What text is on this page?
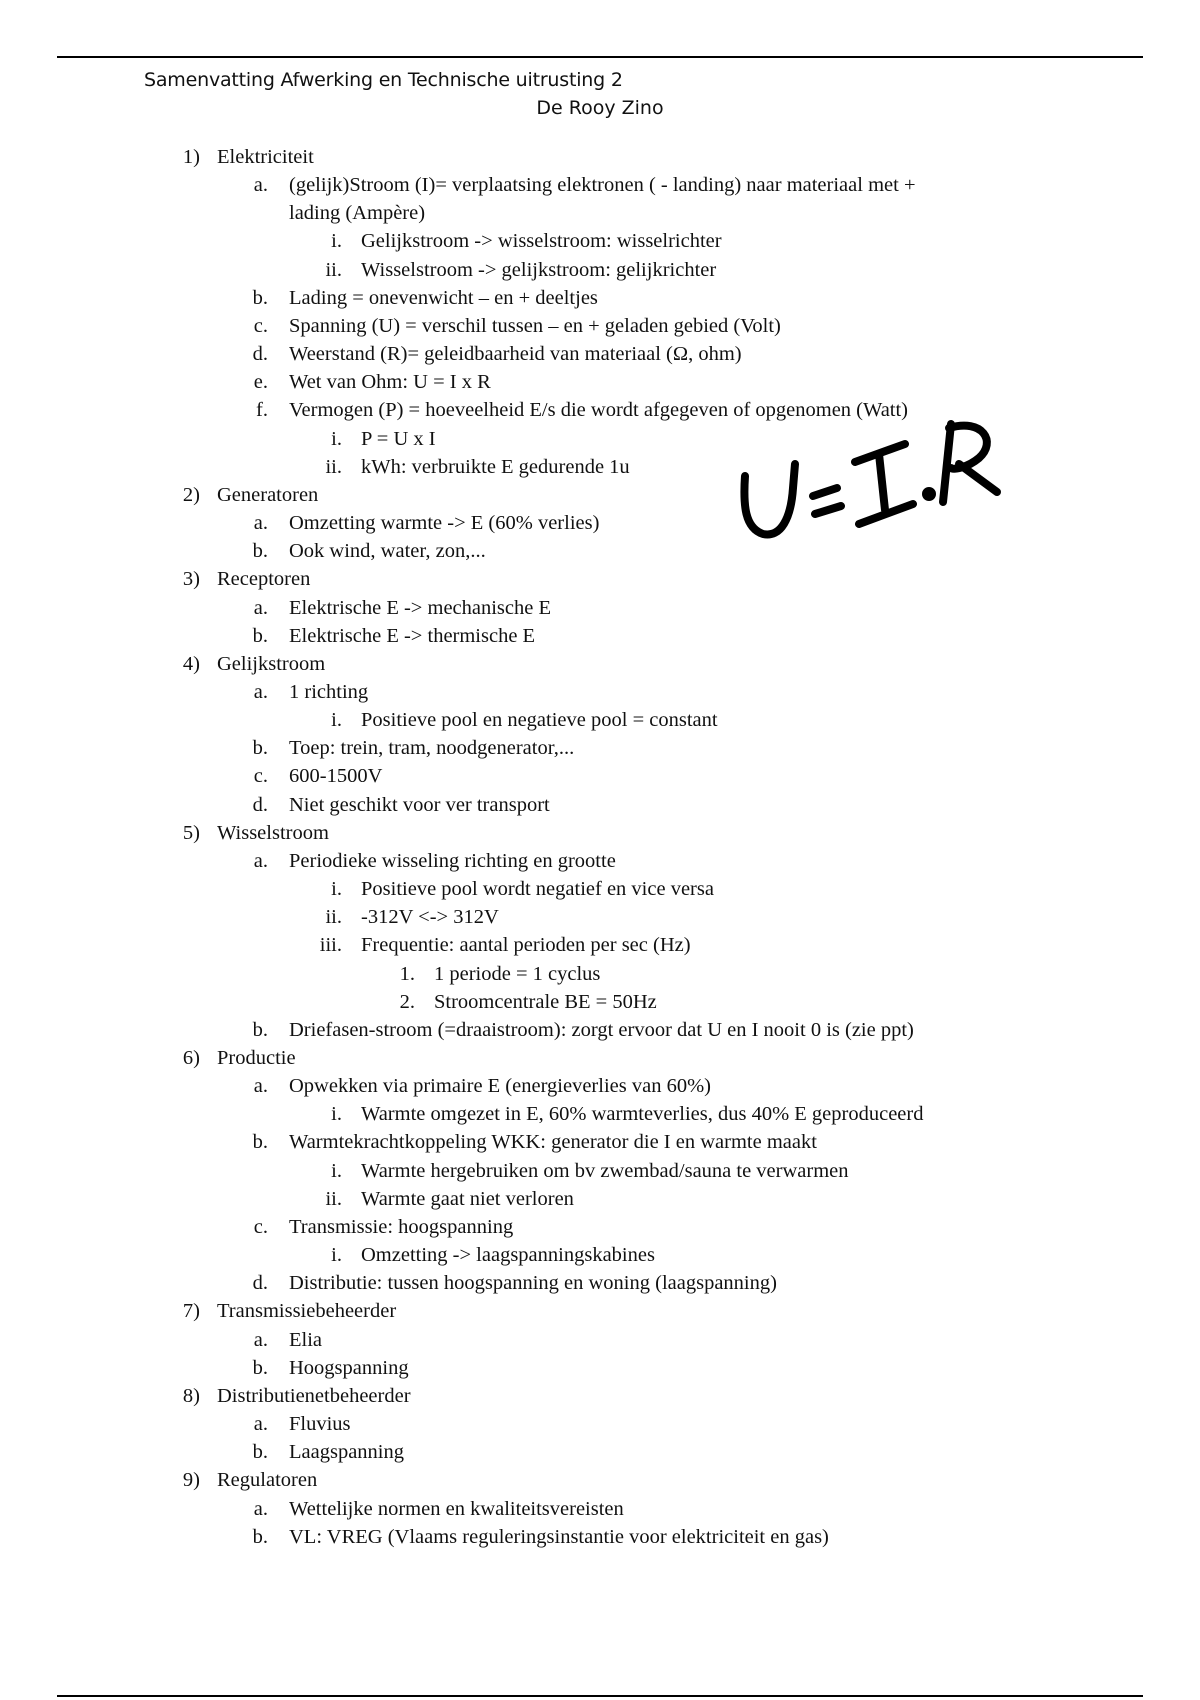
Samenvatting Afwerking en Technische uitrusting 2
De Rooy Zino
1) Elektriciteit
a. (gelijk)Stroom (I)= verplaatsing elektronen ( - landing) naar materiaal met +
lading (Ampère)
i. Gelijkstroom -> wisselstroom: wisselrichter
ii. Wisselstroom -> gelijkstroom: gelijkrichter
b. Lading = onevenwicht – en + deeltjes
c. Spanning (U) = verschil tussen – en + geladen gebied (Volt)
d. Weerstand (R)= geleidbaarheid van materiaal (Ω, ohm)
e. Wet van Ohm: U = I x R
f. Vermogen (P) = hoeveelheid E/s die wordt afgegeven of opgenomen (Watt)
i. P = U x I
ii. kWh: verbruikte E gedurende 1u
2) Generatoren
a. Omzetting warmte -> E (60% verlies)
b. Ook wind, water, zon,...
3) Receptoren
a. Elektrische E -> mechanische E
b. Elektrische E -> thermische E
4) Gelijkstroom
a. 1 richting
i. Positieve pool en negatieve pool = constant
b. Toep: trein, tram, noodgenerator,...
c. 600-1500V
d. Niet geschikt voor ver transport
5) Wisselstroom
a. Periodieke wisseling richting en grootte
i. Positieve pool wordt negatief en vice versa
ii. -312V <-> 312V
iii. Frequentie: aantal perioden per sec (Hz)
1. 1 periode = 1 cyclus
2. Stroomcentrale BE = 50Hz
b. Driefasen-stroom (=draaistroom): zorgt ervoor dat U en I nooit 0 is (zie ppt)
6) Productie
a. Opwekken via primaire E (energieverlies van 60%)
i. Warmte omgezet in E, 60% warmteverlies, dus 40% E geproduceerd
b. Warmtekrachtkoppeling WKK: generator die I en warmte maakt
i. Warmte hergebruiken om bv zwembad/sauna te verwarmen
ii. Warmte gaat niet verloren
c. Transmissie: hoogspanning
i. Omzetting -> laagspanningskabines
d. Distributie: tussen hoogspanning en woning (laagspanning)
7) Transmissiebeheerder
a. Elia
b. Hoogspanning
8) Distributienetbeheerder
a. Fluvius
b. Laagspanning
9) Regulatoren
a. Wettelijke normen en kwaliteitsvereisten
b. VL: VREG (Vlaams reguleringsinstantie voor elektriciteit en gas)
